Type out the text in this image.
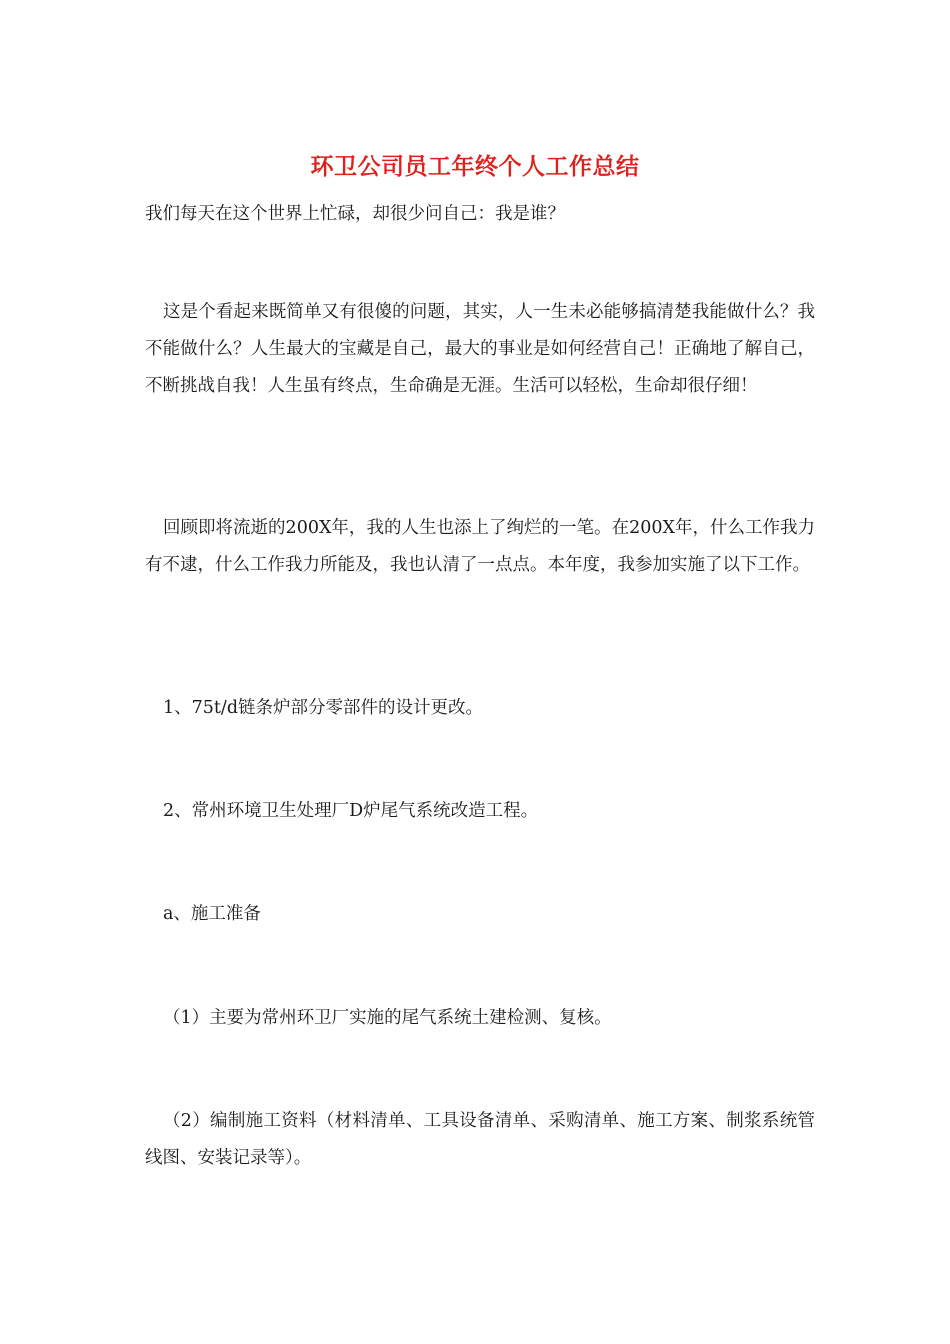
环卫公司员工年终个人工作总结

我们每天在这个世界上忙碌，却很少问自己：我是谁？

这是个看起来既简单又有很傻的问题，其实，人一生未必能够搞清楚我能做什么？我不能做什么？人生最大的宝藏是自己，最大的事业是如何经营自己！正确地了解自己，不断挑战自我！人生虽有终点，生命确是无涯。生活可以轻松，生命却很仔细！

回顾即将流逝的200X年，我的人生也添上了绚烂的一笔。在200X年，什么工作我力有不逮，什么工作我力所能及，我也认清了一点点。本年度，我参加实施了以下工作。

1、75t/d链条炉部分零部件的设计更改。

2、常州环境卫生处理厂D炉尾气系统改造工程。

a、施工准备

（1）主要为常州环卫厂实施的尾气系统土建检测、复核。

（2）编制施工资料（材料清单、工具设备清单、采购清单、施工方案、制浆系统管线图、安装记录等）。
